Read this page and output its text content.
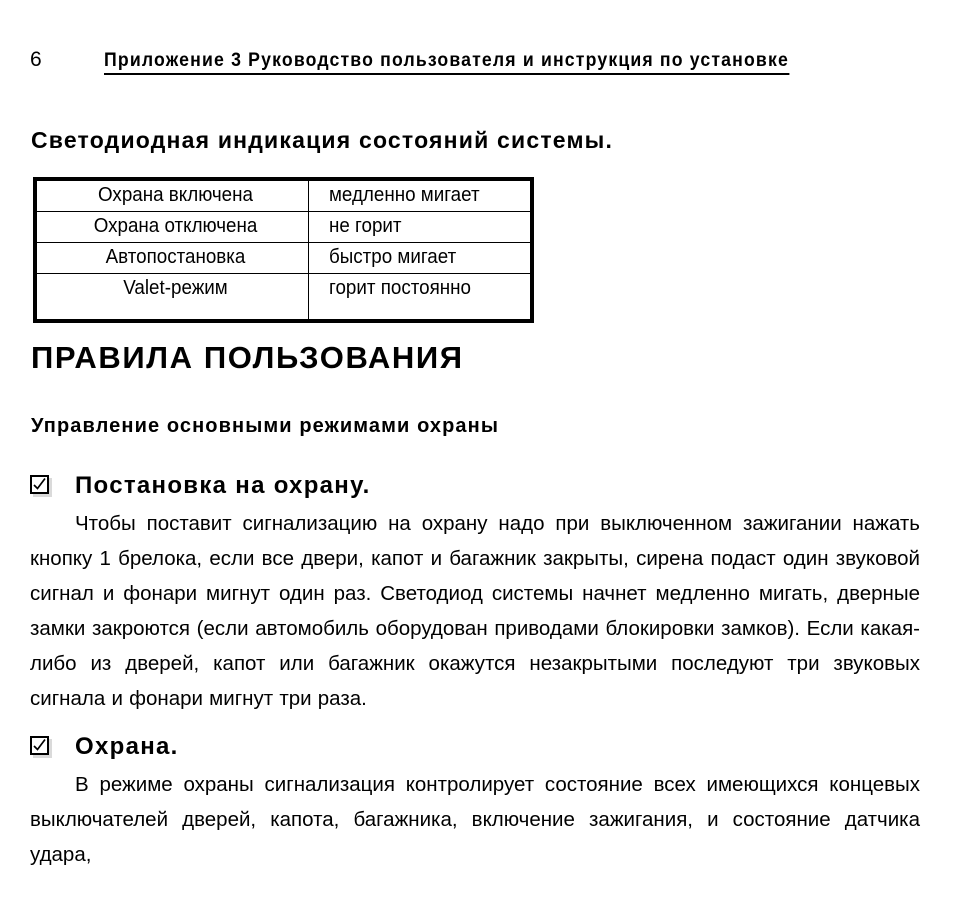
6	Приложение 3 Руководство пользователя и инструкция по установке
Светодиодная индикация состояний системы.
Охрана включена	медленно мигает

Охрана отключена	не горит

Автопостановка	быстро мигает

Valet-режим	горит постоянно
ПРАВИЛА ПОЛЬЗОВАНИЯ
Управление основными режимами охраны
Постановка на охрану.

Чтобы поставит сигнализацию на охрану надо при выключенном зажигании нажать кнопку 1 брелока, если все двери, капот и багажник закрыты, сирена подаст один звуковой сигнал и фонари мигнут один раз. Светодиод системы начнет медленно мигать, дверные замки закроются (если автомобиль оборудован приводами блокировки замков). Если какая-либо из дверей, капот или багажник окажутся незакрытыми последуют три звуковых сигнала и фонари мигнут три раза.

Охрана.

В режиме охраны сигнализация контролирует состояние всех имеющихся концевых выключателей дверей, капота, багажника, включение зажигания, и состояние датчика удара,
